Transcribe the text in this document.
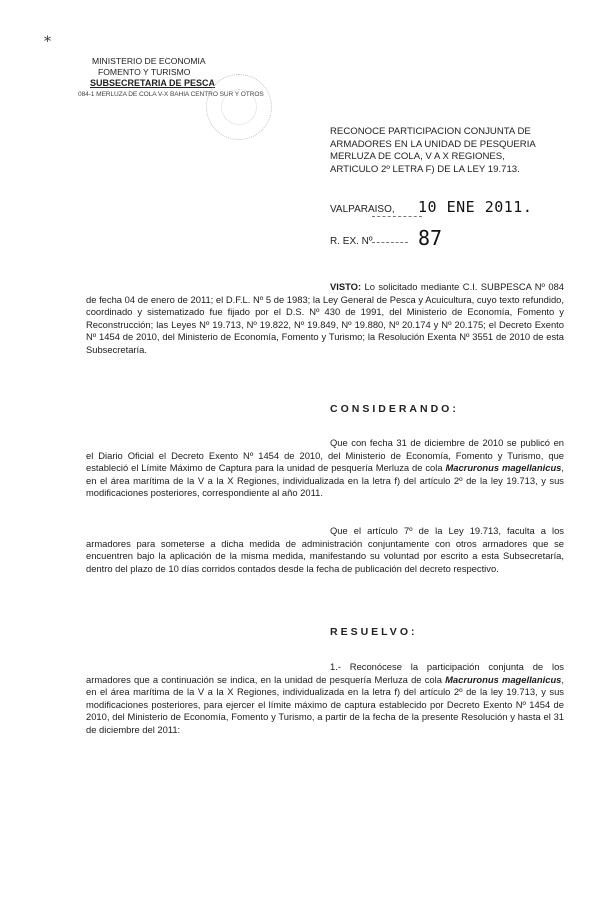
*
MINISTERIO DE ECONOMIA
FOMENTO Y TURISMO
SUBSECRETARIA DE PESCA
084-1 MERLUZA DE COLA V-X BAHIA CENTRO SUR Y OTROS
RECONOCE PARTICIPACION CONJUNTA DE
ARMADORES EN LA UNIDAD DE PESQUERIA
MERLUZA DE COLA, V A X REGIONES,
ARTICULO 2º LETRA F) DE LA LEY 19.713.
VALPARAISO, 10 ENE 2011.
R. EX. Nº 87
VISTO: Lo solicitado mediante C.I. SUBPESCA Nº 084 de fecha 04 de enero de 2011; el D.F.L. Nº 5 de 1983; la Ley General de Pesca y Acuicultura, cuyo texto refundido, coordinado y sistematizado fue fijado por el D.S. Nº 430 de 1991, del Ministerio de Economía, Fomento y Reconstrucción; las Leyes Nº 19.713, Nº 19.822, Nº 19.849, Nº 19.880, Nº 20.174 y Nº 20.175; el Decreto Exento Nº 1454 de 2010, del Ministerio de Economía, Fomento y Turismo; la Resolución Exenta Nº 3551 de 2010 de esta Subsecretaría.
CONSIDERANDO:
Que con fecha 31 de diciembre de 2010 se publicó en el Diario Oficial el Decreto Exento Nº 1454 de 2010, del Ministerio de Economía, Fomento y Turismo, que estableció el Límite Máximo de Captura para la unidad de pesquería Merluza de cola Macruronus magellanicus, en el área marítima de la V a la X Regiones, individualizada en la letra f) del artículo 2º de la ley 19.713, y sus modificaciones posteriores, correspondiente al año 2011.
Que el artículo 7º de la Ley 19.713, faculta a los armadores para someterse a dicha medida de administración conjuntamente con otros armadores que se encuentren bajo la aplicación de la misma medida, manifestando su voluntad por escrito a esta Subsecretaría, dentro del plazo de 10 días corridos contados desde la fecha de publicación del decreto respectivo.
RESUELVO:
1.- Reconócese la participación conjunta de los armadores que a continuación se indica, en la unidad de pesquería Merluza de cola Macruronus magellanicus, en el área marítima de la V a la X Regiones, individualizada en la letra f) del artículo 2º de la ley 19.713, y sus modificaciones posteriores, para ejercer el límite máximo de captura establecido por Decreto Exento Nº 1454 de 2010, del Ministerio de Economía, Fomento y Turismo, a partir de la fecha de la presente Resolución y hasta el 31 de diciembre del 2011:
